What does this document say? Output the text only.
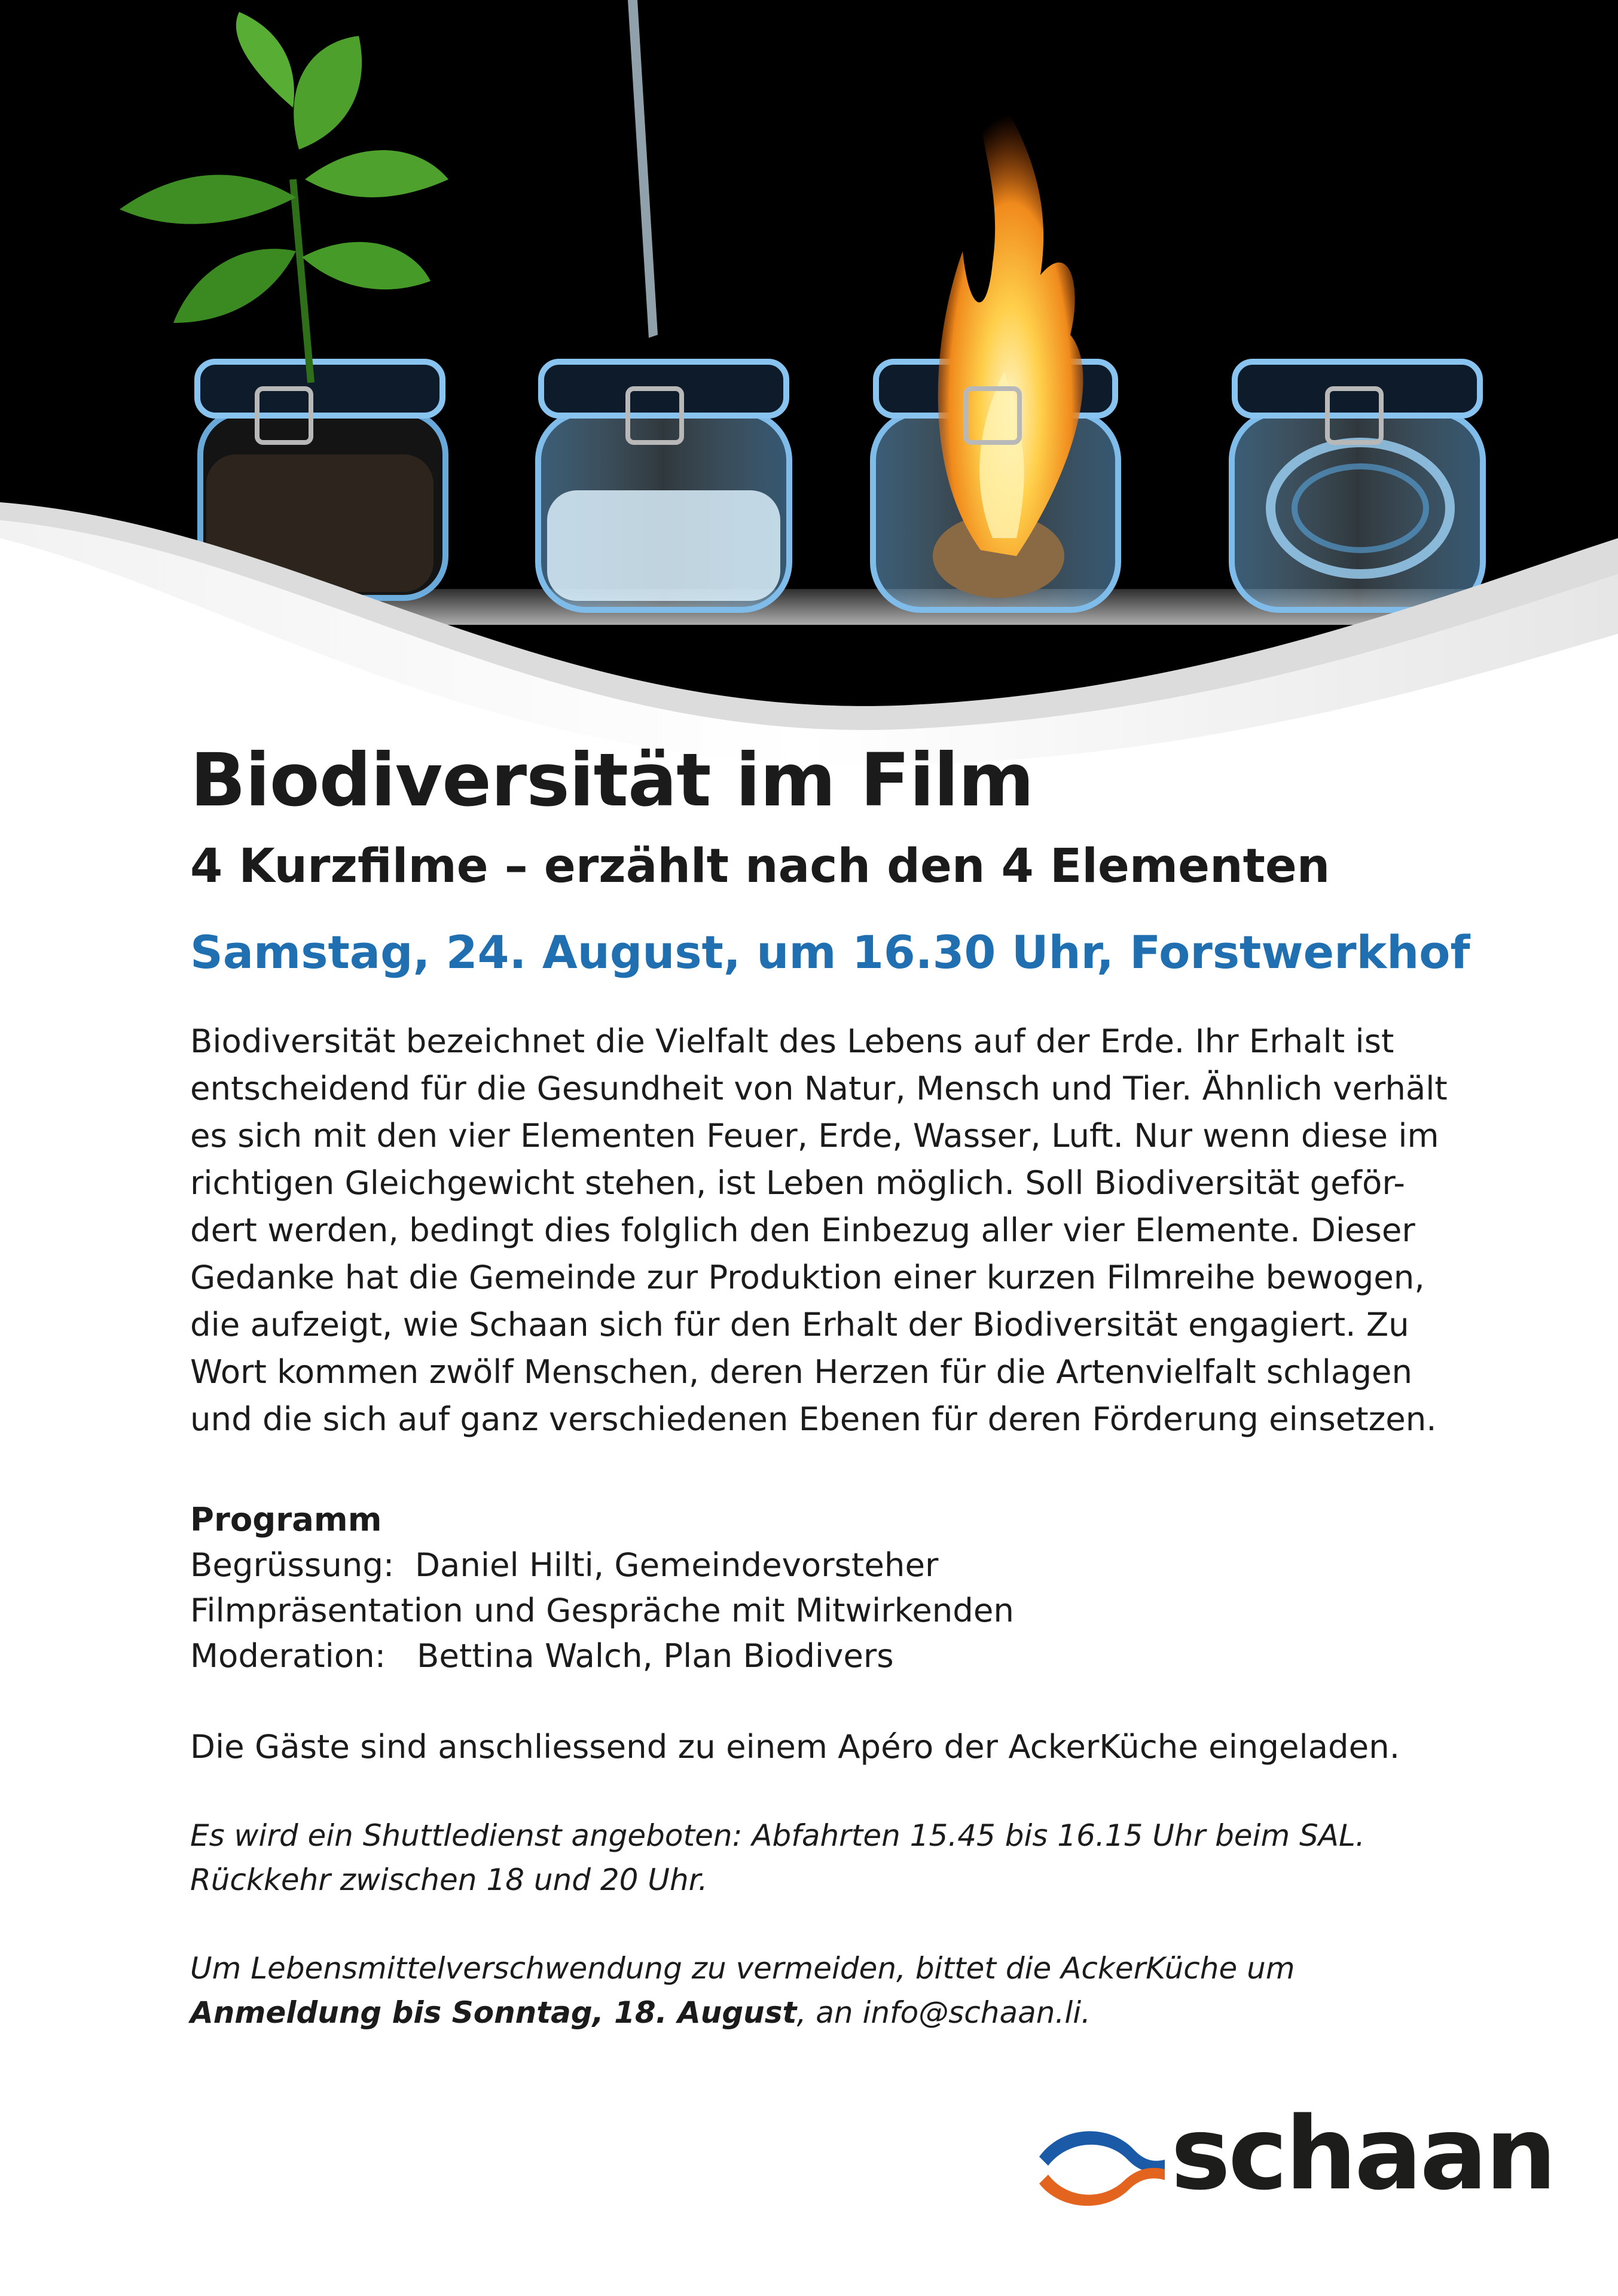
Biodiversität im Film
4 Kurzfilme – erzählt nach den 4 Elementen
Samstag, 24. August, um 16.30 Uhr, Forstwerkhof
Biodiversität bezeichnet die Vielfalt des Lebens auf der Erde. Ihr Erhalt ist
entscheidend für die Gesundheit von Natur, Mensch und Tier. Ähnlich verhält
es sich mit den vier Elementen Feuer, Erde, Wasser, Luft. Nur wenn diese im
richtigen Gleichgewicht stehen, ist Leben möglich. Soll Biodiversität geför-
dert werden, bedingt dies folglich den Einbezug aller vier Elemente. Dieser
Gedanke hat die Gemeinde zur Produktion einer kurzen Filmreihe bewogen,
die aufzeigt, wie Schaan sich für den Erhalt der Biodiversität engagiert. Zu
Wort kommen zwölf Menschen, deren Herzen für die Artenvielfalt schlagen
und die sich auf ganz verschiedenen Ebenen für deren Förderung einsetzen.
Programm
Begrüssung: Daniel Hilti, Gemeindevorsteher
Filmpräsentation und Gespräche mit Mitwirkenden
Moderation: Bettina Walch, Plan Biodivers
Die Gäste sind anschliessend zu einem Apéro der AckerKüche eingeladen.
Es wird ein Shuttledienst angeboten: Abfahrten 15.45 bis 16.15 Uhr beim SAL.
Rückkehr zwischen 18 und 20 Uhr.
Um Lebensmittelverschwendung zu vermeiden, bittet die AckerKüche um
Anmeldung bis Sonntag, 18. August, an info@schaan.li.
schaan
